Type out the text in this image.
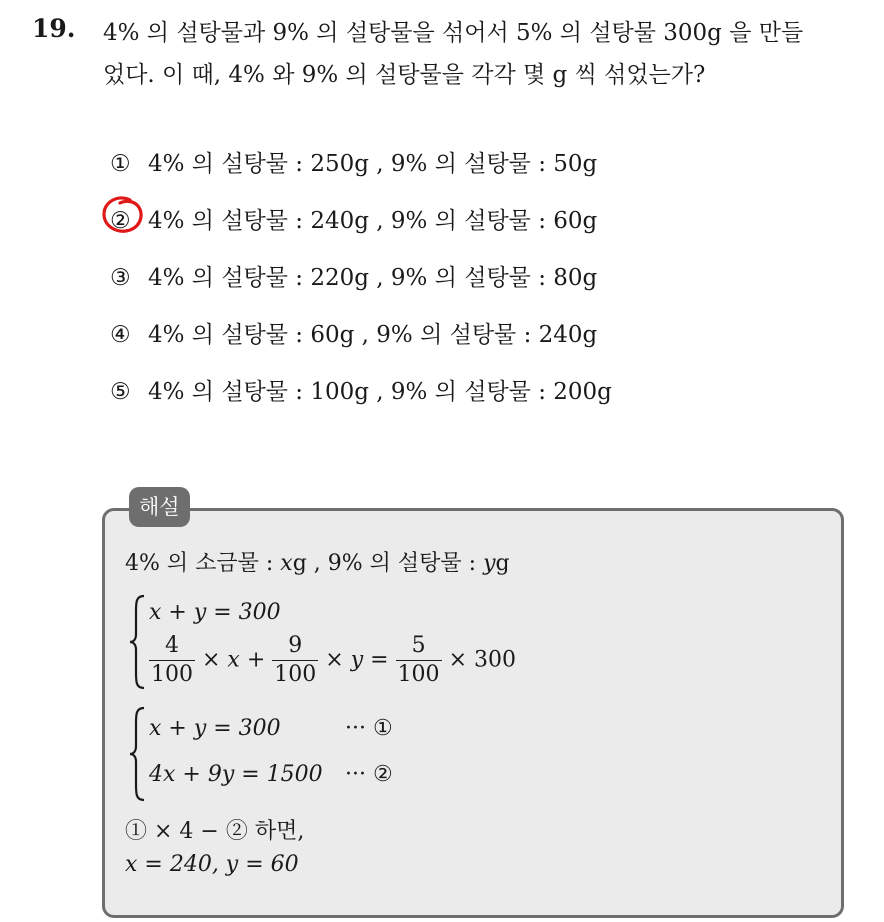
19. 4% 의 설탕물과 9% 의 설탕물을 섞어서 5% 의 설탕물 300g 을 만들
었다. 이 때, 4% 와 9% 의 설탕물을 각각 몇 g 씩 섞었는가?
① 4% 의 설탕물 : 250g , 9% 의 설탕물 : 50g
② 4% 의 설탕물 : 240g , 9% 의 설탕물 : 60g
③ 4% 의 설탕물 : 220g , 9% 의 설탕물 : 80g
④ 4% 의 설탕물 : 60g , 9% 의 설탕물 : 240g
⑤ 4% 의 설탕물 : 100g , 9% 의 설탕물 : 200g
해설
4% 의 소금물 : xg , 9% 의 설탕물 : yg
x + y = 300
$\frac{4}{100} \times x + \frac{9}{100} \times y = \frac{5}{100} \times 300$
x + y = 300	··· ①
4x + 9y = 1500 ··· ②
① × 4 − ② 하면,
x = 240, y = 60
